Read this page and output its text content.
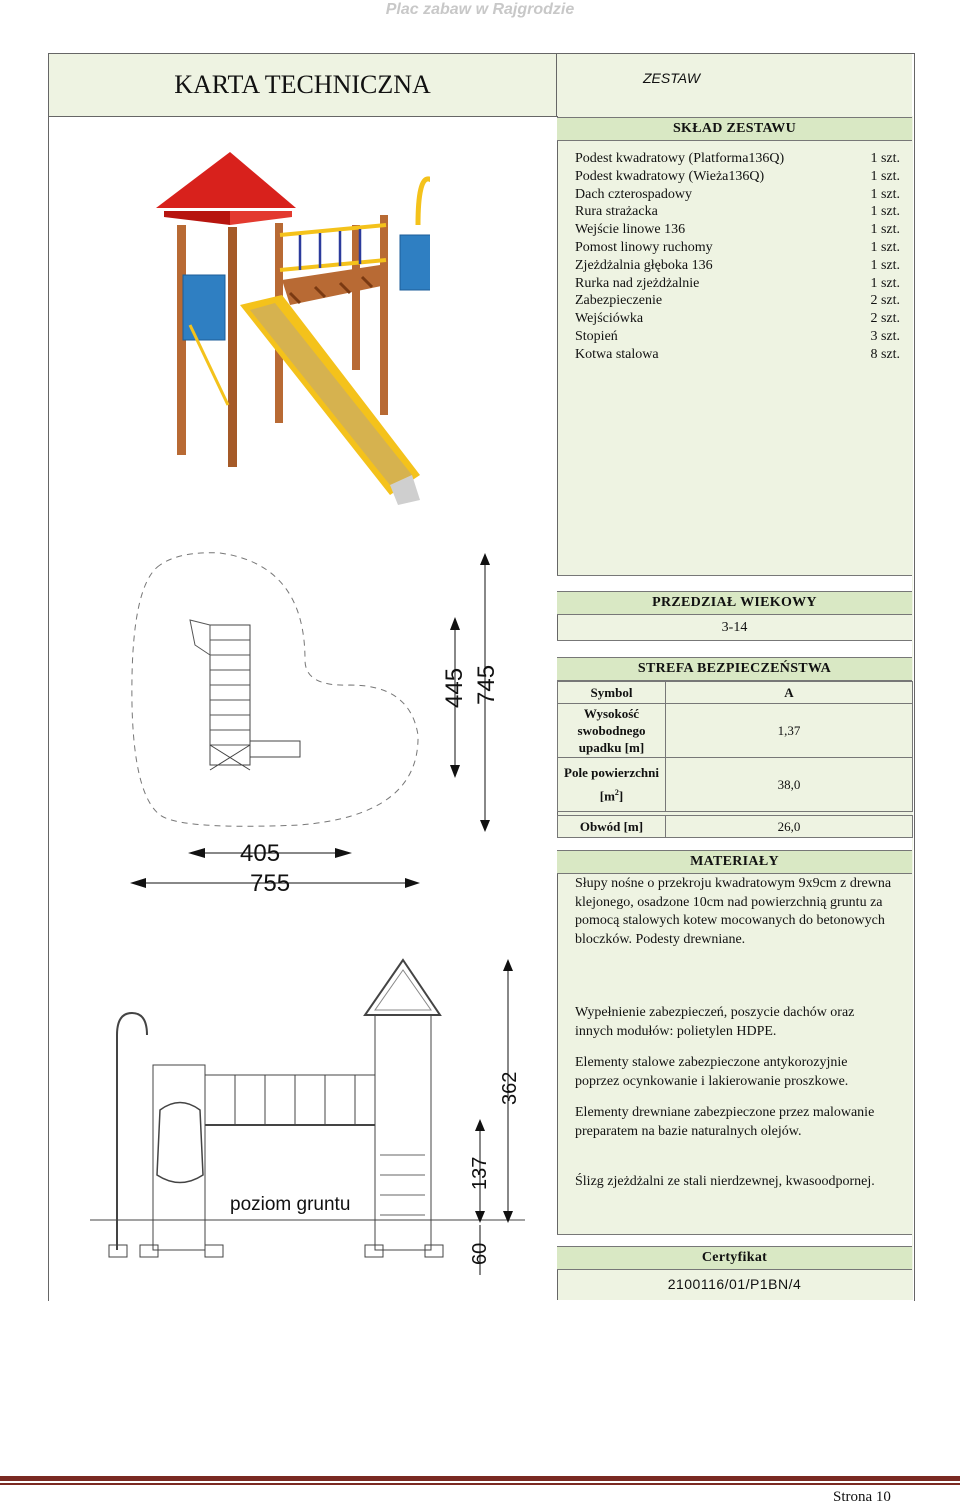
Plac zabaw w Rajgrodzie
KARTA TECHNICZNA	ZESTAW
SKŁAD ZESTAWU
Podest kwadratowy (Platforma136Q)	1 szt.
Podest kwadratowy (Wieża136Q)	1 szt.
Dach czterospadowy	1 szt.
Rura strażacka	1 szt.
Wejście linowe 136	1 szt.
Pomost linowy ruchomy	1 szt.
Zjeżdżalnia głęboka 136	1 szt.
Rurka nad zjeżdżalnie	1 szt.
Zabezpieczenie	2 szt.
Wejściówka	2 szt.
Stopień	3 szt.
Kotwa stalowa	8 szt.
PRZEDZIAŁ WIEKOWY
3-14
STREFA BEZPIECZEŃSTWA
Symbol	A
Wysokość
swobodnego
upadku [m]	1,37
Pole powierzchni
$[m^2]$	38,0

Obwód [m]	26,0
MATERIAŁY
Słupy nośne o przekroju kwadratowym 9x9cm z drewna
klejonego, osadzone 10cm nad powierzchnią gruntu za
pomocą stalowych kotew mocowanych do betonowych
bloczków. Podesty drewniane.
Wypełnienie zabezpieczeń, poszycie dachów oraz
innych modułów: polietylen HDPE.
Elementy stalowe zabezpieczone antykorozyjnie
poprzez ocynkowanie i lakierowanie proszkowe.
Elementy drewniane zabezpieczone przez malowanie
preparatem na bazie naturalnych olejów.
Ślizg zjeżdżalni ze stali nierdzewnej, kwasoodpornej.
Certyfikat
2100116/01/P1BN/4
445 745
405
755
362
137
60
poziom gruntu
Strona 10
